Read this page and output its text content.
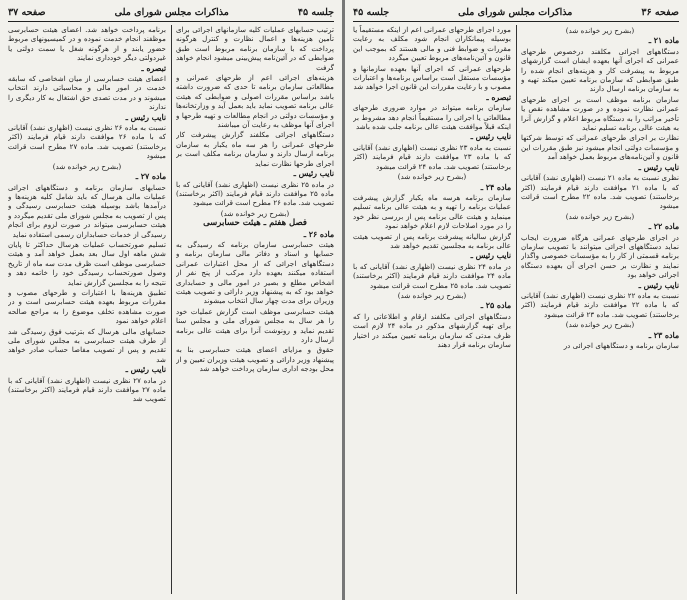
جلسه ۴۵
مذاکرات مجلس شورای ملی
صفحه ۳۷

ترتیب حسابهای عملیات کلیه سازمانهای اجرائی برای تأمین هزینه‌ها و اعمال نظارت و کنترل هرگونه پرداخت که با سازمان برنامه مربوط است طبق ضوابطی که در آئین‌نامه پیش‌بینی میشود انجام خواهد گرفت

هزینه‌های اجرائی اعم از طرحهای عمرانی و مطالعاتی سازمان برنامه تا حدی که ضرورت داشته باشد براساس مقررات اصولی و ضوابطی که هیئت عالی برنامه تصویب نماید باید بعمل آید و وزارتخانه‌ها و مؤسسات دولتی در انجام مطالعات و تهیه طرحها و اجرای آنها موظف به رعایت آن میباشند

دستگاههای اجرائی مکلفند گزارش پیشرفت کار طرحهای عمرانی را هر سه ماه یکبار به سازمان برنامه ارسال دارند و سازمان برنامه مکلف است بر اجرای طرحها نظارت نماید

نایب رئیس ـ

در ماده ۲۵ نظری نیست (اظهاری نشد) آقایانی که با ماده ۲۵ موافقت دارند قیام فرمایند (اکثر برخاستند) تصویب شد. ماده ۲۶ مطرح است قرائت میشود

(بشرح زیر خوانده شد)

فصل هفتم ـ هیئت حسابرسی

ماده ۲۶ ـ

هیئت حسابرسی سازمان برنامه که رسیدگی به حسابها و اسناد و دفاتر مالی سازمان برنامه و دستگاههای اجرائی که از محل اعتبارات عمرانی استفاده میکنند بعهده دارد مرکب از پنج نفر از اشخاص مطلع و بصیر در امور مالی و حسابداری خواهد بود که به پیشنهاد وزیر دارائی و تصویب هیئت وزیران برای مدت چهار سال انتخاب میشوند

هیئت حسابرسی موظف است گزارش عملیات خود را هر سال به مجلس شورای ملی و مجلس سنا تقدیم نماید و رونوشت آنرا برای هیئت عالی برنامه ارسال دارد

حقوق و مزایای اعضای هیئت حسابرسی بنا به پیشنهاد وزیر دارائی و تصویب هیئت وزیران تعیین و از محل بودجه اداری سازمان پرداخت خواهد شد

برنامه پرداخت خواهد شد. اعضای هیئت حسابرسی موظفند انجام خدمت نموده و در کمیسیونهای مربوط حضور یابند و از هرگونه شغل یا سمت دولتی یا غیردولتی دیگر خودداری نمایند

تبصره ـ

اعضای هیئت حسابرسی از میان اشخاصی که سابقه خدمت در امور مالی و محاسباتی دارند انتخاب میشوند و در مدت تصدی حق اشتغال به کار دیگری را ندارند

نایب رئیس ـ

نسبت به ماده ۲۶ نظری نیست (اظهاری نشد) آقایانی که با ماده ۲۶ موافقت دارند قیام فرمایند (اکثر برخاستند) تصویب شد. ماده ۲۷ مطرح است قرائت میشود

(بشرح زیر خوانده شد)

ماده ۲۷ ـ

حسابهای سازمان برنامه و دستگاههای اجرائی عملیات مالی هرسال که باید شامل کلیه هزینه‌ها و درآمدها باشد بوسیله هیئت حسابرسی رسیدگی و پس از تصویب به مجلس شورای ملی تقدیم میگردد و هیئت حسابرسی میتواند در صورت لزوم برای انجام رسیدگی از خدمات حسابداران رسمی استفاده نماید

تسلیم صورتحساب عملیات هرسال حداکثر تا پایان شش ماهه اول سال بعد بعمل خواهد آمد و هیئت حسابرسی موظف است ظرف مدت سه ماه از تاریخ وصول صورتحساب رسیدگی خود را خاتمه دهد و نتیجه را به مجلسین گزارش نماید

تطبیق هزینه‌ها با اعتبارات و طرحهای مصوب و مقررات مربوط بعهده هیئت حسابرسی است و در صورت مشاهده تخلف موضوع را به مراجع صالحه اعلام خواهد نمود

حسابهای مالی هرسال که بترتیب فوق رسیدگی شد از طرف هیئت حسابرسی به مجلس شورای ملی تقدیم و پس از تصویب مفاصا حساب صادر خواهد شد

نایب رئیس ـ

در ماده ۲۷ نظری نیست (اظهاری نشد) آقایانی که با ماده ۲۷ موافقت دارند قیام فرمایند (اکثر برخاستند) تصویب شد

صفحه ۳۶
مذاکرات مجلس شورای ملی
جلسه ۴۵

(بشرح زیر خوانده شد)

ماده ۲۱ ـ

دستگاههای اجرائی مکلفند درخصوص طرحهای عمرانی که اجرای آنها بعهده ایشان است گزارشهای مربوط به پیشرفت کار و هزینه‌های انجام شده را طبق ضوابطی که سازمان برنامه تعیین میکند تهیه و به سازمان برنامه ارسال دارند

سازمان برنامه موظف است بر اجرای طرحهای عمرانی نظارت نموده و در صورت مشاهده نقص یا تأخیر مراتب را به دستگاه مربوط اعلام و گزارش آنرا به هیئت عالی برنامه تسلیم نماید

نظارت بر اجرای طرحهای عمرانی که توسط شرکتها و مؤسسات دولتی انجام میشود نیز طبق مقررات این قانون و آئین‌نامه‌های مربوط بعمل خواهد آمد

نایب رئیس ـ

نظری نسبت به ماده ۲۱ نیست (اظهاری نشد) آقایانی که با ماده ۲۱ موافقت دارند قیام فرمایند (اکثر برخاستند) تصویب شد. ماده ۲۲ مطرح است قرائت میشود

(بشرح زیر خوانده شد)

ماده ۲۲ ـ

در اجرای طرحهای عمرانی هرگاه ضرورت ایجاب نماید دستگاههای اجرائی میتوانند با تصویب سازمان برنامه قسمتی از کار را به مؤسسات خصوصی واگذار نمایند و نظارت بر حسن اجرای آن بعهده دستگاه اجرائی خواهد بود

نایب رئیس ـ

نسبت به ماده ۲۲ نظری نیست (اظهاری نشد) آقایانی که با ماده ۲۲ موافقت دارند قیام فرمایند (اکثر برخاستند) تصویب شد. ماده ۲۳ قرائت میشود

(بشرح زیر خوانده شد)

ماده ۲۳ ـ

سازمان برنامه و دستگاههای اجرائی در

مورد اجرای طرحهای عمرانی اعم از اینکه مستقیماً یا بوسیله پیمانکاران انجام شود مکلف به رعایت مقررات و ضوابط فنی و مالی هستند که بموجب این قانون و آئین‌نامه‌های مربوط تعیین میگردد

طرحهای عمرانی که اجرای آنها بعهده سازمانها و مؤسسات مستقل است براساس برنامه‌ها و اعتبارات مصوب و با رعایت مقررات این قانون اجرا خواهد شد

تبصره ـ

سازمان برنامه میتواند در موارد ضروری طرحهای مطالعاتی یا اجرائی را مستقیماً انجام دهد مشروط بر اینکه قبلاً موافقت هیئت عالی برنامه جلب شده باشد

نایب رئیس ـ

نسبت به ماده ۲۳ نظری نیست (اظهاری نشد) آقایانی که با ماده ۲۳ موافقت دارند قیام فرمایند (اکثر برخاستند) تصویب شد. ماده ۲۴ قرائت میشود

(بشرح زیر خوانده شد)

ماده ۲۴ ـ

سازمان برنامه هرسه ماه یکبار گزارش پیشرفت عملیات برنامه را تهیه و به هیئت عالی برنامه تسلیم مینماید و هیئت عالی برنامه پس از بررسی نظر خود را در مورد اصلاحات لازم اعلام خواهد نمود

گزارش سالیانه پیشرفت برنامه پس از تصویب هیئت عالی برنامه به مجلسین تقدیم خواهد شد

نایب رئیس ـ

در ماده ۲۴ نظری نیست (اظهاری نشد) آقایانی که با ماده ۲۴ موافقت دارند قیام فرمایند (اکثر برخاستند) تصویب شد. ماده ۲۵ مطرح است قرائت میشود

(بشرح زیر خوانده شد)

ماده ۲۵ ـ

دستگاههای اجرائی مکلفند ارقام و اطلاعاتی را که برای تهیه گزارشهای مذکور در ماده ۲۴ لازم است ظرف مدتی که سازمان برنامه تعیین میکند در اختیار سازمان برنامه قرار دهند
